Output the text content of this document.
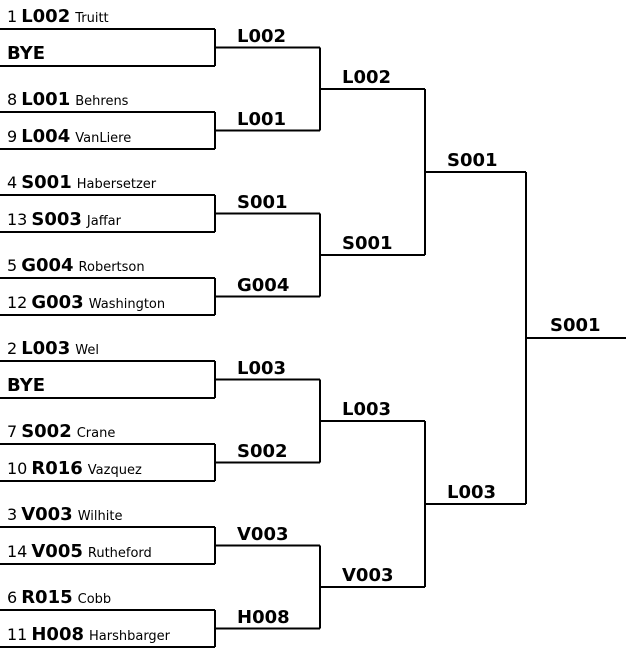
1 L002 Truitt
BYE
8 L001 Behrens
9 L004 VanLiere
4 S001 Habersetzer
13 S003 Jaffar
5 G004 Robertson
12 G003 Washington
2 L003 Wel
BYE
7 S002 Crane
10 R016 Vazquez
3 V003 Wilhite
14 V005 Rutheford
6 R015 Cobb
11 H008 Harshbarger
L002
L001
S001
G004
L003
S002
V003
H008
L002
S001
L003
V003
S001
L003
S001
